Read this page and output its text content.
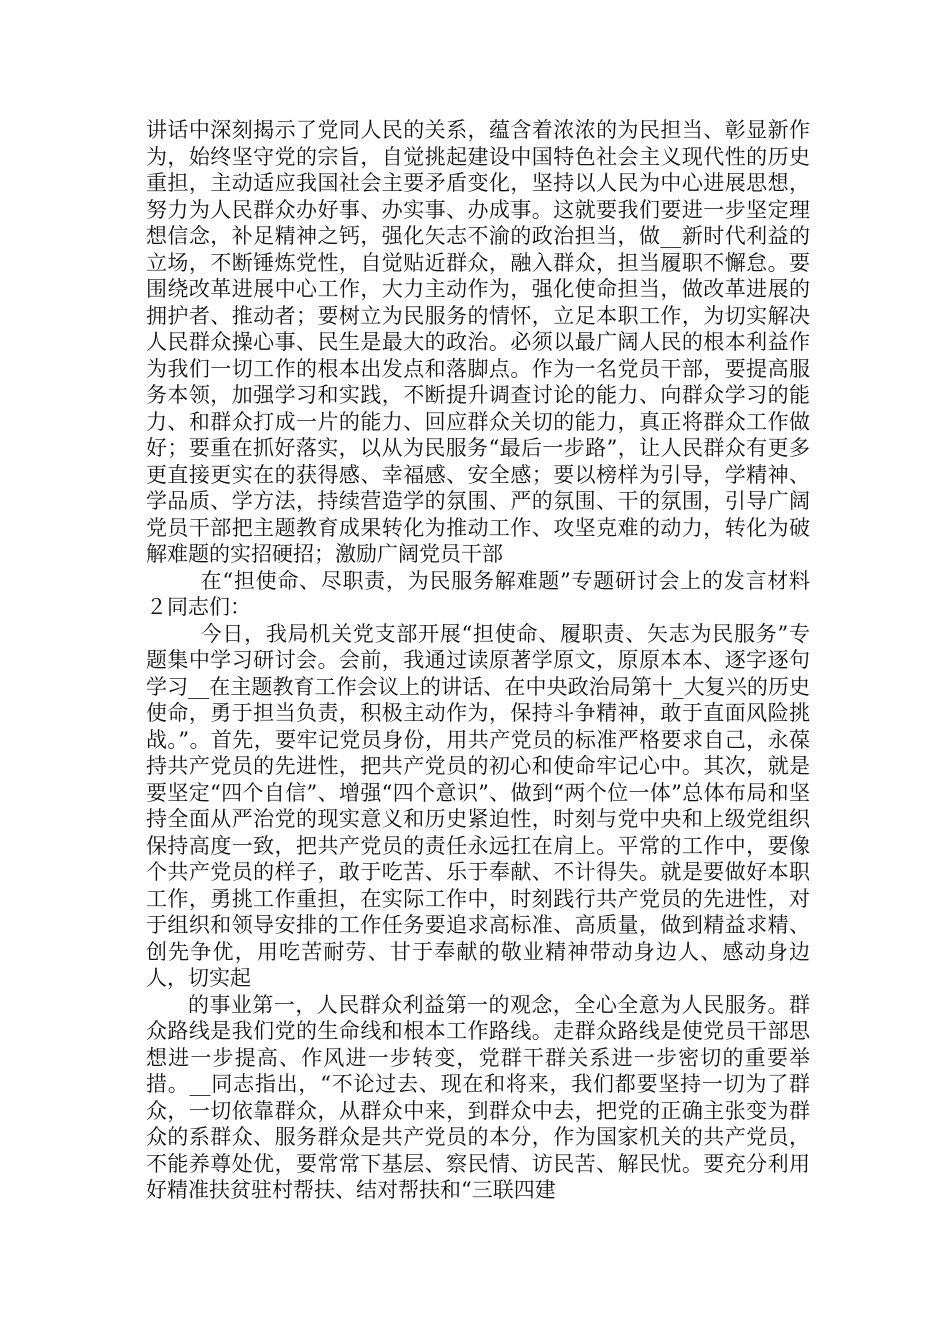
讲话中深刻揭示了党同人民的关系，蕴含着浓浓的为民担当、彰显新作为，始终坚守党的宗旨，自觉挑起建设中国特色社会主义现代性的历史重担，主动适应我国社会主要矛盾变化，坚持以人民为中心进展思想，努力为人民群众办好事、办实事、办成事。这就要我们要进一步坚定理想信念，补足精神之钙，强化矢志不渝的政治担当，做__新时代利益的立场，不断锤炼党性，自觉贴近群众，融入群众，担当履职不懈怠。要围绕改革进展中心工作，大力主动作为，强化使命担当，做改革进展的拥护者、推动者；要树立为民服务的情怀，立足本职工作，为切实解决人民群众操心事、民生是最大的政治。必须以最广阔人民的根本利益作为我们一切工作的根本出发点和落脚点。作为一名党员干部，要提高服务本领，加强学习和实践，不断提升调查讨论的能力、向群众学习的能力、和群众打成一片的能力、回应群众关切的能力，真正将群众工作做好；要重在抓好落实，以从为民服务“最后一步路”，让人民群众有更多更直接更实在的获得感、幸福感、安全感；要以榜样为引导，学精神、学品质、学方法，持续营造学的氛围、严的氛围、干的氛围，引导广阔党员干部把主题教育成果转化为推动工作、攻坚克难的动力，转化为破解难题的实招硬招；激励广阔党员干部

在“担使命、尽职责，为民服务解难题”专题研讨会上的发言材料２同志们：

今日，我局机关党支部开展“担使命、履职责、矢志为民服务”专题集中学习研讨会。会前，我通过读原著学原文，原原本本、逐字逐句学习__在主题教育工作会议上的讲话、在中央政治局第十_大复兴的历史使命，勇于担当负责，积极主动作为，保持斗争精神，敢于直面风险挑战。”。首先，要牢记党员身份，用共产党员的标准严格要求自己，永葆持共产党员的先进性，把共产党员的初心和使命牢记心中。其次，就是要坚定“四个自信”、增强“四个意识”、做到“两个位一体”总体布局和坚持全面从严治党的现实意义和历史紧迫性，时刻与党中央和上级党组织保持高度一致，把共产党员的责任永远扛在肩上。平常的工作中，要像个共产党员的样子，敢于吃苦、乐于奉献、不计得失。就是要做好本职工作，勇挑工作重担，在实际工作中，时刻践行共产党员的先进性，对于组织和领导安排的工作任务要追求高标准、高质量，做到精益求精、创先争优，用吃苦耐劳、甘于奉献的敬业精神带动身边人、感动身边人，切实起

的事业第一，人民群众利益第一的观念，全心全意为人民服务。群众路线是我们党的生命线和根本工作路线。走群众路线是使党员干部思想进一步提高、作风进一步转变，党群干群关系进一步密切的重要举措。__同志指出，“不论过去、现在和将来，我们都要坚持一切为了群众，一切依靠群众，从群众中来，到群众中去，把党的正确主张变为群众的系群众、服务群众是共产党员的本分，作为国家机关的共产党员，不能养尊处优，要常常下基层、察民情、访民苦、解民忧。要充分利用好精准扶贫驻村帮扶、结对帮扶和“三联四建
